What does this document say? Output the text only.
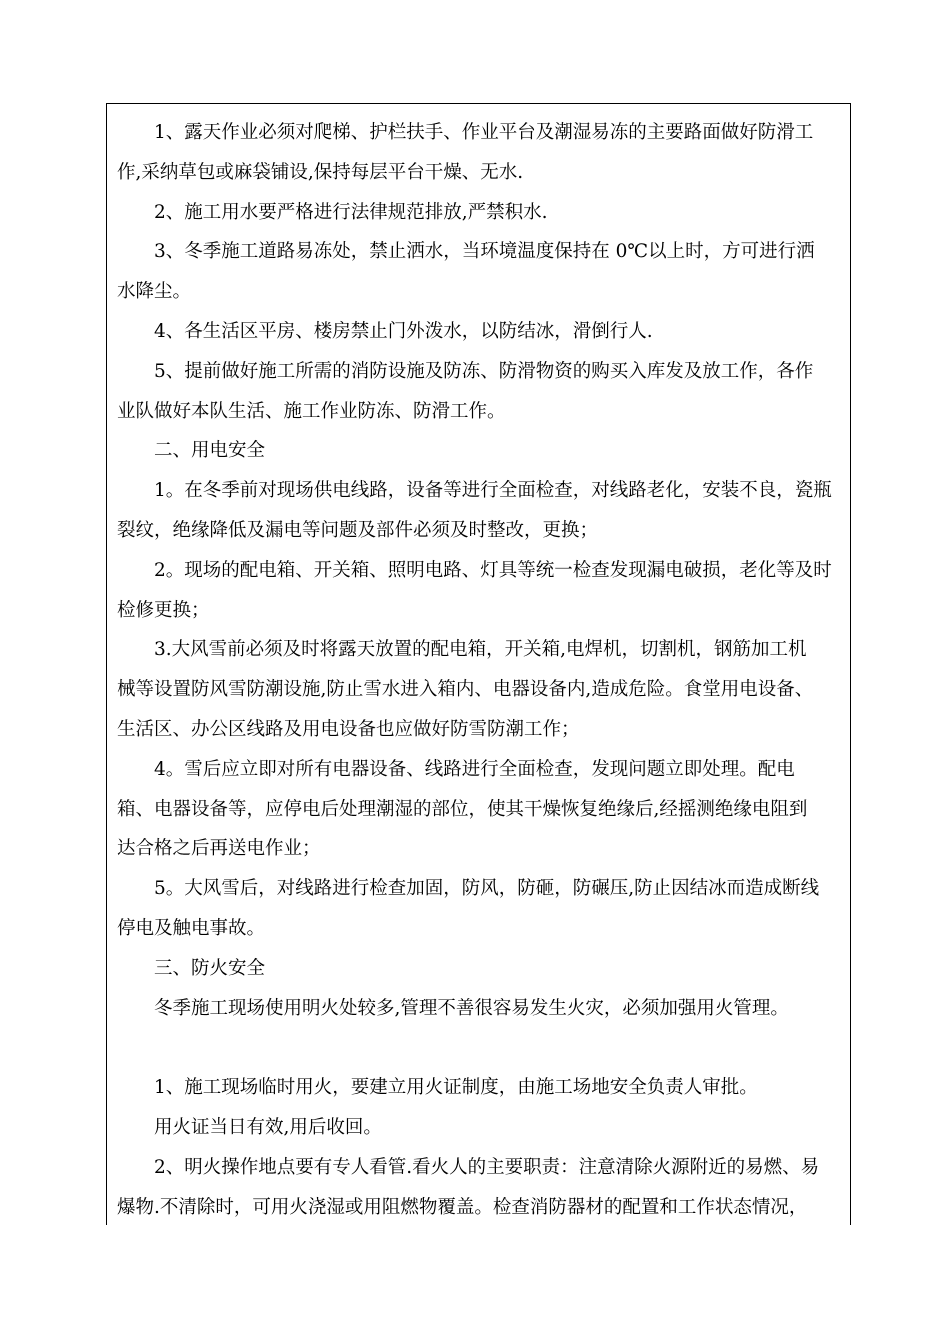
1、露天作业必须对爬梯、护栏扶手、作业平台及潮湿易冻的主要路面做好防滑工
作,采纳草包或麻袋铺设,保持每层平台干燥、无水.
2、施工用水要严格进行法律规范排放,严禁积水.
3、冬季施工道路易冻处，禁止洒水，当环境温度保持在 0℃以上时，方可进行洒
水降尘。
4、各生活区平房、楼房禁止门外泼水，以防结冰，滑倒行人.
5、提前做好施工所需的消防设施及防冻、防滑物资的购买入库发及放工作，各作
业队做好本队生活、施工作业防冻、防滑工作。
二、用电安全
1。在冬季前对现场供电线路，设备等进行全面检查，对线路老化，安装不良，瓷瓶
裂纹，绝缘降低及漏电等问题及部件必须及时整改，更换；
2。现场的配电箱、开关箱、照明电路、灯具等统一检查发现漏电破损，老化等及时
检修更换；
3.大风雪前必须及时将露天放置的配电箱，开关箱,电焊机，切割机，钢筋加工机
械等设置防风雪防潮设施,防止雪水进入箱内、电器设备内,造成危险。食堂用电设备、
生活区、办公区线路及用电设备也应做好防雪防潮工作；
4。雪后应立即对所有电器设备、线路进行全面检查，发现问题立即处理。配电
箱、电器设备等，应停电后处理潮湿的部位，使其干燥恢复绝缘后,经摇测绝缘电阻到
达合格之后再送电作业；
5。大风雪后，对线路进行检查加固，防风，防砸，防碾压,防止因结冰而造成断线
停电及触电事故。
三、防火安全
冬季施工现场使用明火处较多,管理不善很容易发生火灾，必须加强用火管理。
1、施工现场临时用火，要建立用火证制度，由施工场地安全负责人审批。
用火证当日有效,用后收回。
2、明火操作地点要有专人看管.看火人的主要职责：注意清除火源附近的易燃、易
爆物.不清除时，可用火浇湿或用阻燃物覆盖。检查消防器材的配置和工作状态情况，
